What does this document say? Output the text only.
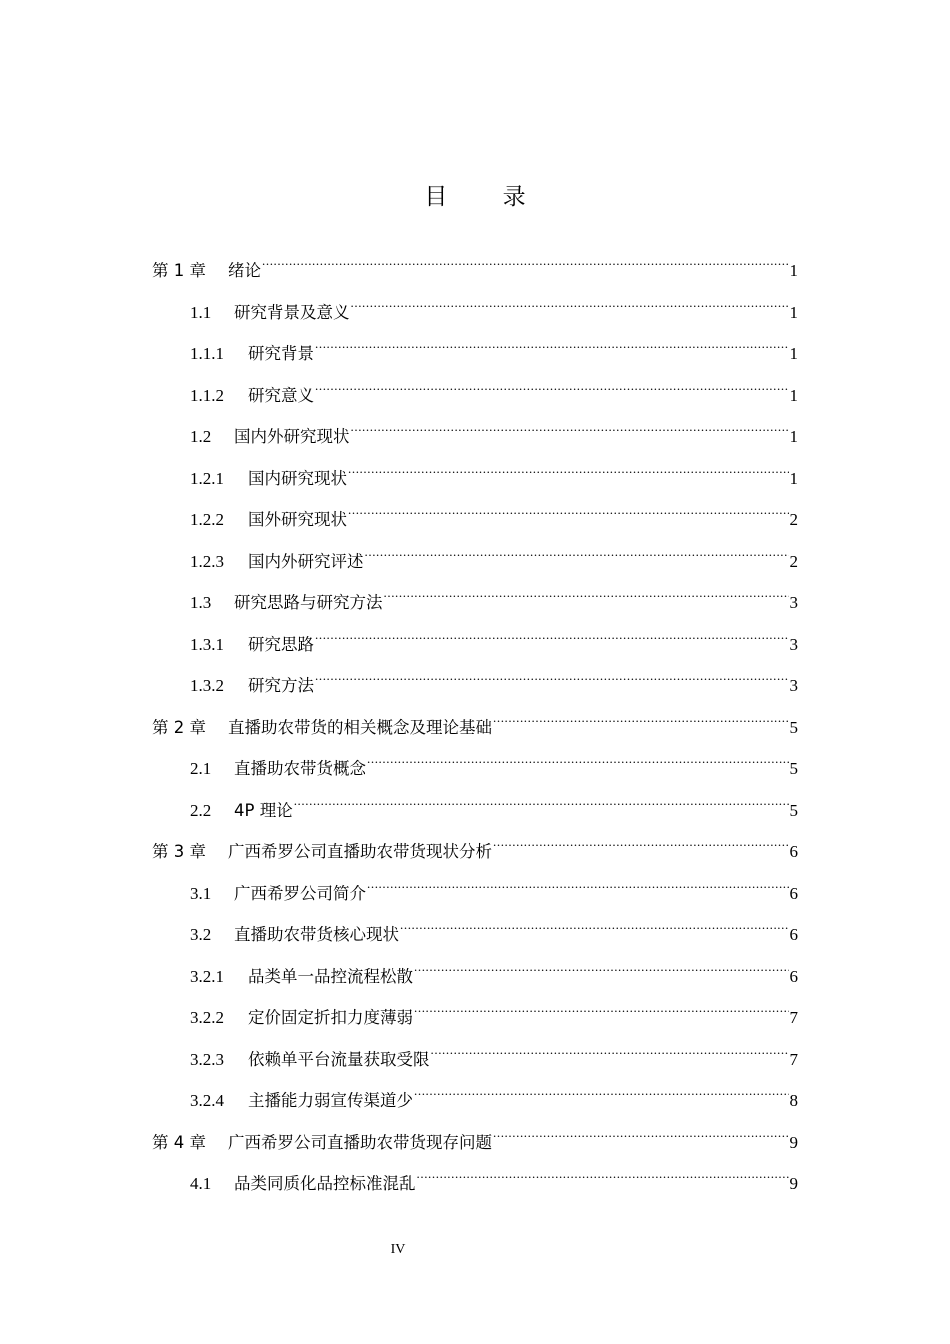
目 录
第 1 章	绪论 .....	1
1.1	研究背景及意义 .....	1
1.1.1	研究背景 .....	1
1.1.2	研究意义 .....	1
1.2	国内外研究现状 .....	1
1.2.1	国内研究现状 .....	1
1.2.2	国外研究现状 .....	2
1.2.3	国内外研究评述 .....	2
1.3	研究思路与研究方法 .....	3
1.3.1	研究思路 .....	3
1.3.2	研究方法 .....	3
第 2 章	直播助农带货的相关概念及理论基础 .....	5
2.1	直播助农带货概念 .....	5
2.2	4P 理论 .....	5
第 3 章	广西希罗公司直播助农带货现状分析 .....	6
3.1	广西希罗公司简介 .....	6
3.2	直播助农带货核心现状 .....	6
3.2.1	品类单一品控流程松散 .....	6
3.2.2	定价固定折扣力度薄弱 .....	7
3.2.3	依赖单平台流量获取受限 .....	7
3.2.4	主播能力弱宣传渠道少 .....	8
第 4 章	广西希罗公司直播助农带货现存问题 .....	9
4.1	品类同质化品控标准混乱 .....	9
IV
